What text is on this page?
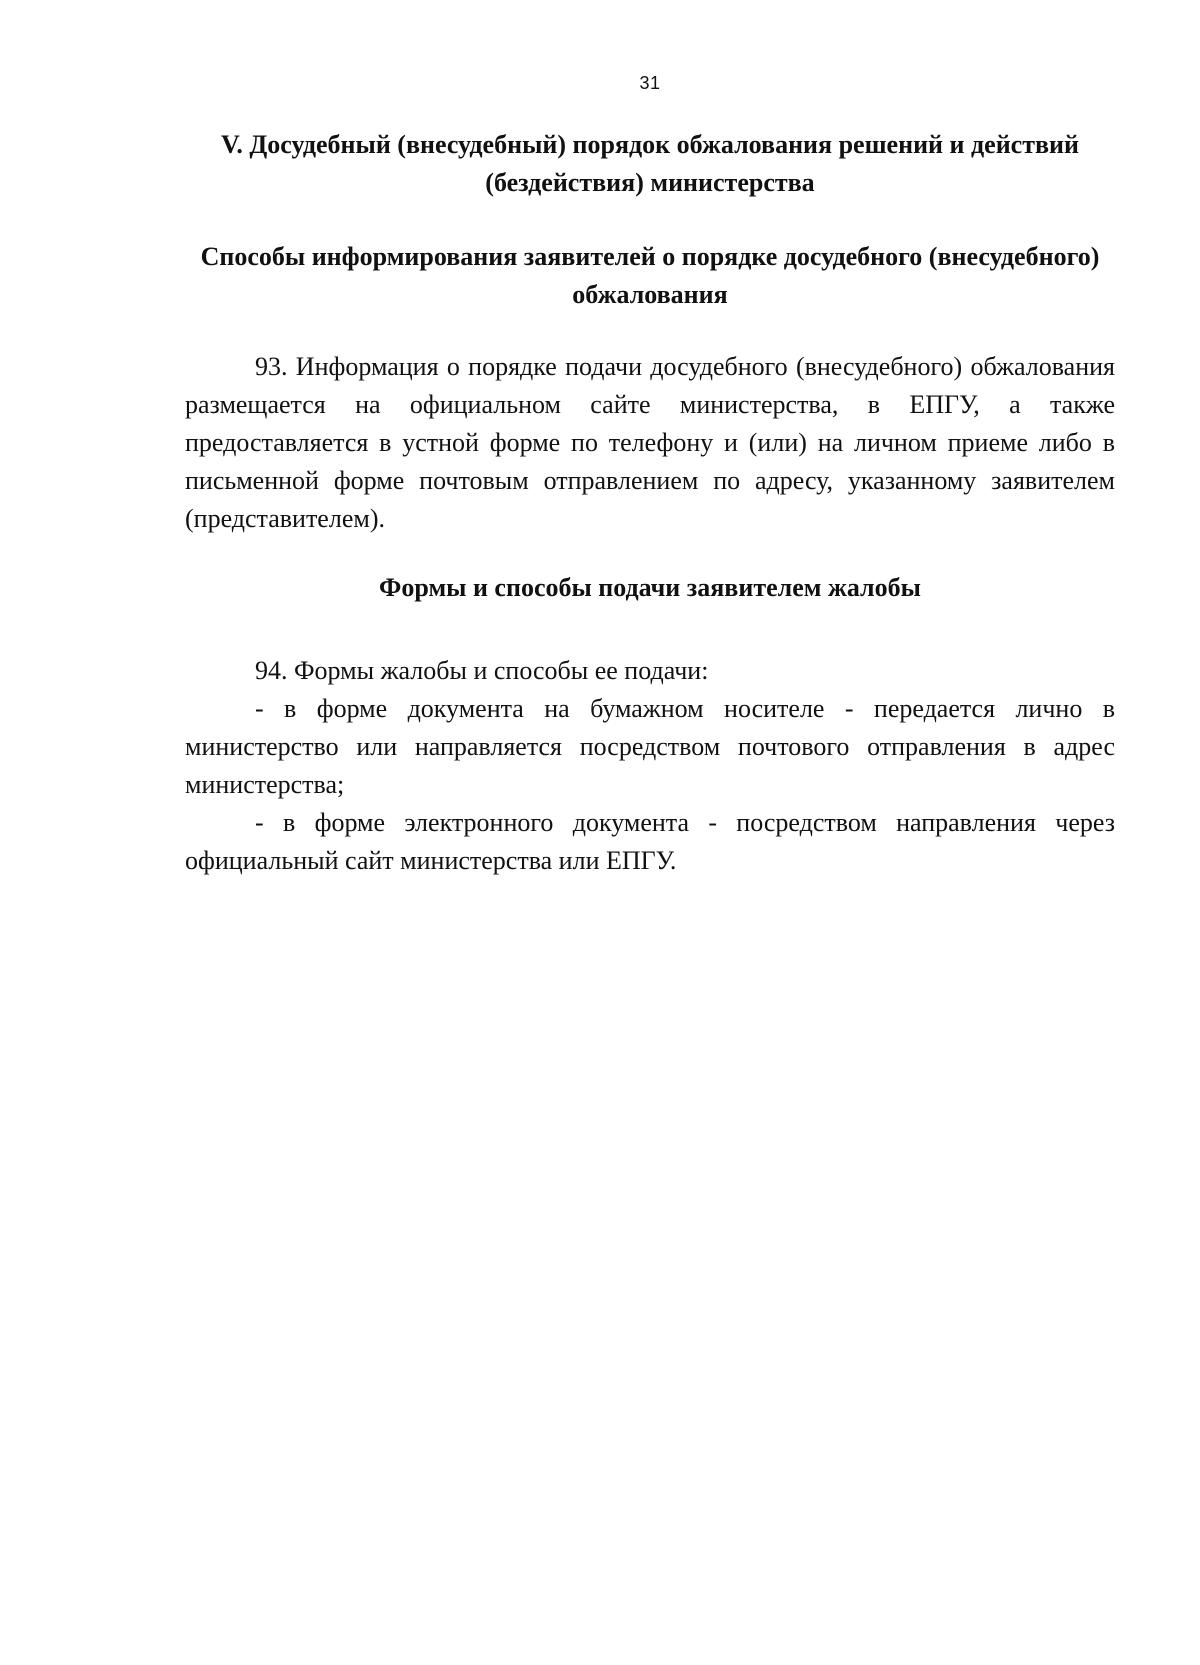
31
V. Досудебный (внесудебный) порядок обжалования решений и действий (бездействия) министерства
Способы информирования заявителей о порядке досудебного (внесудебного) обжалования
93. Информация о порядке подачи досудебного (внесудебного) обжалования размещается на официальном сайте министерства, в ЕПГУ, а также предоставляется в устной форме по телефону и (или) на личном приеме либо в письменной форме почтовым отправлением по адресу, указанному заявителем (представителем).
Формы и способы подачи заявителем жалобы
94. Формы жалобы и способы ее подачи:
- в форме документа на бумажном носителе - передается лично в министерство или направляется посредством почтового отправления в адрес министерства;
- в форме электронного документа - посредством направления через официальный сайт министерства или ЕПГУ.
